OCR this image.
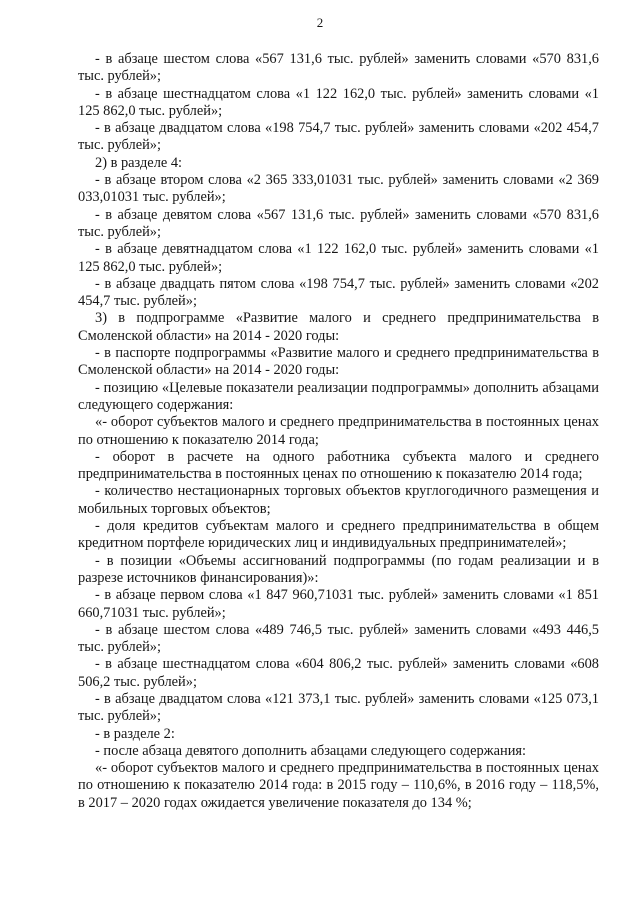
2

- в абзаце шестом слова «567 131,6 тыс. рублей» заменить словами «570 831,6 тыс. рублей»;

- в абзаце шестнадцатом слова «1 122 162,0 тыс. рублей» заменить словами «1 125 862,0 тыс. рублей»;

- в абзаце двадцатом слова «198 754,7 тыс. рублей» заменить словами «202 454,7 тыс. рублей»;

2) в разделе 4:

- в абзаце втором слова «2 365 333,01031 тыс. рублей» заменить словами «2 369 033,01031 тыс. рублей»;

- в абзаце девятом слова «567 131,6 тыс. рублей» заменить словами «570 831,6 тыс. рублей»;

- в абзаце девятнадцатом слова «1 122 162,0 тыс. рублей» заменить словами «1 125 862,0 тыс. рублей»;

- в абзаце двадцать пятом слова «198 754,7 тыс. рублей» заменить словами «202 454,7 тыс. рублей»;

3) в подпрограмме «Развитие малого и среднего предпринимательства в Смоленской области» на 2014 - 2020 годы:

- в паспорте подпрограммы «Развитие малого и среднего предпринимательства в Смоленской области» на 2014 - 2020 годы:

- позицию «Целевые показатели реализации подпрограммы» дополнить абзацами следующего содержания:

«- оборот субъектов малого и среднего предпринимательства в постоянных ценах по отношению к показателю 2014 года;

- оборот в расчете на одного работника субъекта малого и среднего предпринимательства в постоянных ценах по отношению к показателю 2014 года;

- количество нестационарных торговых объектов круглогодичного размещения и мобильных торговых объектов;

- доля кредитов субъектам малого и среднего предпринимательства в общем кредитном портфеле юридических лиц и индивидуальных предпринимателей»;

- в позиции «Объемы ассигнований подпрограммы (по годам реализации и в разрезе источников финансирования)»:

- в абзаце первом слова «1 847 960,71031 тыс. рублей» заменить словами «1 851 660,71031 тыс. рублей»;

- в абзаце шестом слова «489 746,5 тыс. рублей» заменить словами «493 446,5 тыс. рублей»;

- в абзаце шестнадцатом слова «604 806,2 тыс. рублей» заменить словами «608 506,2 тыс. рублей»;

- в абзаце двадцатом слова «121 373,1 тыс. рублей» заменить словами «125 073,1 тыс. рублей»;

- в разделе 2:

- после абзаца девятого дополнить абзацами следующего содержания:

«- оборот субъектов малого и среднего предпринимательства в постоянных ценах по отношению к показателю 2014 года: в 2015 году – 110,6%, в 2016 году – 118,5%, в 2017 – 2020 годах ожидается увеличение показателя до 134 %;
